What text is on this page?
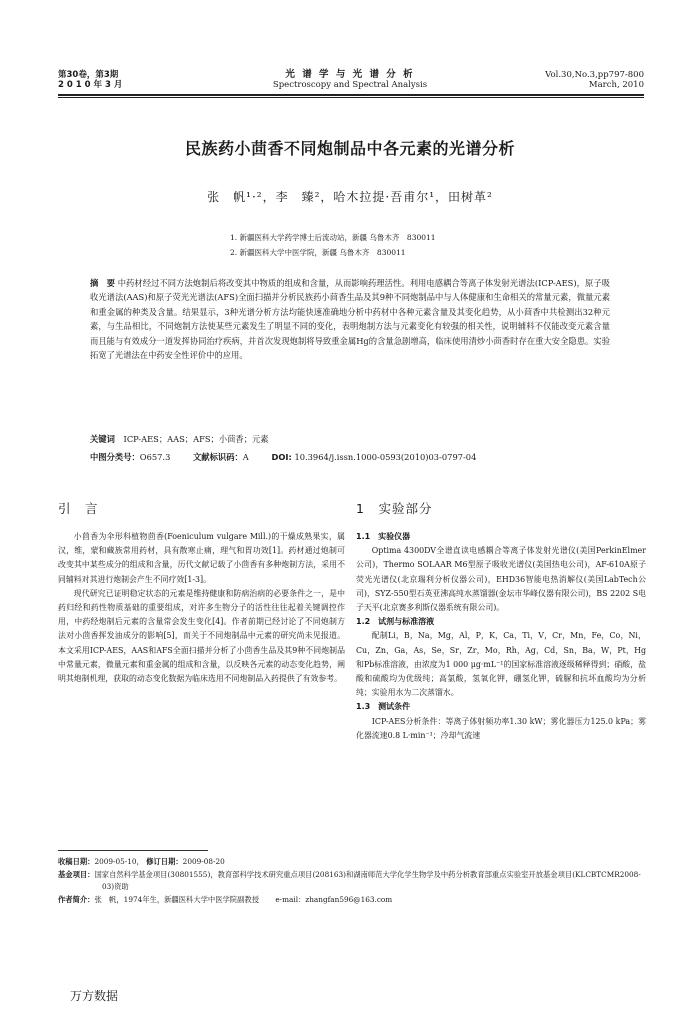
第30卷，第3期
2 0 1 0 年 3 月
光 谱 学 与 光 谱 分 析
Spectroscopy and Spectral Analysis
Vol.30,No.3,pp797-800
March, 2010
民族药小茴香不同炮制品中各元素的光谱分析
张　帆¹·²，李　臻²，哈木拉提·吾甫尔¹，田树革²
1. 新疆医科大学药学博士后流动站，新疆 乌鲁木齐　830011
2. 新疆医科大学中医学院，新疆 乌鲁木齐　830011
摘　要 中药材经过不同方法炮制后将改变其中物质的组成和含量，从而影响药理活性。利用电感耦合等离子体发射光谱法(ICP-AES)，原子吸收光谱法(AAS)和原子荧光光谱法(AFS)全面扫描并分析民族药小茴香生品及其9种不同炮制品中与人体健康和生命相关的常量元素，微量元素和重金属的种类及含量。结果显示，3种光谱分析方法均能快速准确地分析中药材中各种元素含量及其变化趋势，从小茴香中共检测出32种元素，与生品相比，不同炮制方法使某些元素发生了明显不同的变化，表明炮制方法与元素变化有较强的相关性，说明辅料不仅能改变元素含量而且能与有效成分一道发挥协同治疗疾病，并首次发现炮制将导致重金属Hg的含量急剧增高，临床使用清炒小茴香时存在重大安全隐患。实验拓宽了光谱法在中药安全性评价中的应用。
关键词 ICP-AES；AAS；AFS；小茴香；元素
中图分类号：O657.3	文献标识码：A	DOI: 10.3964/j.issn.1000-0593(2010)03-0797-04
引　言

小茴香为伞形科植物茴香(Foeniculum vulgare Mill.)的干燥成熟果实，属汉，维，蒙和藏族常用药材，具有散寒止痛，理气和胃功效[1]。药材通过炮制可改变其中某些成分的组成和含量，历代文献记载了小茴香有多种炮制方法，采用不同辅料对其进行炮制会产生不同疗效[1-3]。

现代研究已证明稳定状态的元素是维持健康和防病治病的必要条件之一，是中药归经和药性物质基础的重要组成，对许多生物分子的活性往往起着关键调控作用，中药经炮制后元素的含量常会发生变化[4]。作者前期已经讨论了不同炮制方法对小茴香挥发油成分的影响[5]，而关于不同炮制品中元素的研究尚未见报道。本文采用ICP-AES，AAS和AFS全面扫描并分析了小茴香生品及其9种不同炮制品中常量元素，微量元素和重金属的组成和含量，以反映各元素的动态变化趋势，阐明其炮制机理，获取的动态变化数据为临床选用不同炮制品入药提供了有效参考。

1　实验部分
1.1　实验仪器

Optima 4300DV全谱直读电感耦合等离子体发射光谱仪(美国PerkinElmer公司)，Thermo SOLAAR M6型原子吸收光谱仪(美国热电公司)，AF-610A原子荧光光谱仪(北京瑞利分析仪器公司)，EHD36智能电热消解仪(美国LabTech公司)，SYZ-550型石英亚沸高纯水蒸馏器(金坛市华峰仪器有限公司)，BS 2202 S电子天平(北京赛多利斯仪器系统有限公司)。

1.2　试剂与标准溶液

配制Li，B，Na，Mg，Al，P，K，Ca，Ti，V，Cr，Mn，Fe，Co，Ni，Cu，Zn，Ga，As，Se，Sr，Zr，Mo，Rh，Ag，Cd，Sn，Ba，W，Pt，Hg和Pb标准溶液，由浓度为1 000 μg·mL⁻¹的国家标准溶液逐级稀释得到；硝酸，盐酸和硫酸均为优级纯；高氯酸，氢氧化钾，硼氢化钾，硫脲和抗坏血酸均为分析纯；实验用水为二次蒸馏水。

1.3　测试条件

ICP-AES分析条件：等离子体射频功率1.30 kW；雾化器压力125.0 kPa；雾化器流速0.8 L·min⁻¹；冷却气流速

收稿日期：2009-05-10， 修订日期：2009-08-20
基金项目：国家自然科学基金项目(30801555)，教育部科学技术研究重点项目(208163)和湖南师范大学化学生物学及中药分析教育部重点实验室开放基金项目(KLCBTCMR2008-03)资助
作者简介：张　帆，1974年生，新疆医科大学中医学院副教授 e-mail：zhangfan596@163.com
万方数据
